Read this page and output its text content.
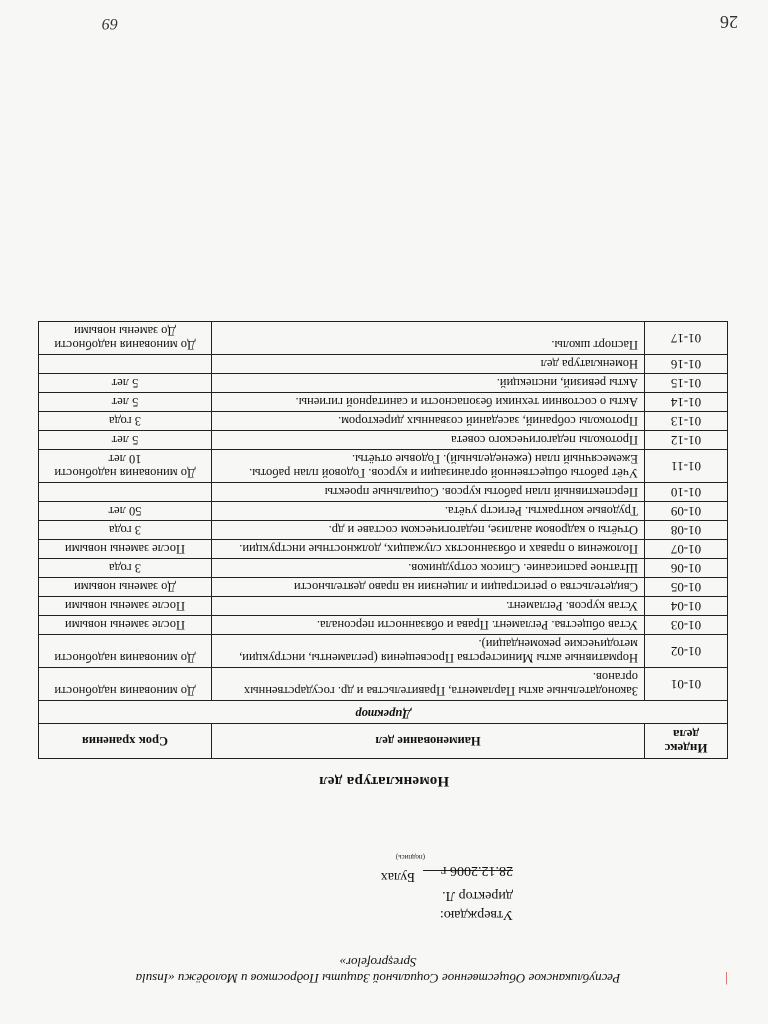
|
Республиканское Общественное Социальной Защиты Подростков и Молодёжи «Insula Spreșprofelor»
Утверждаю:
директор Л.
Булах
(подпись)
28.12.2006 г
Номенклатура дел
Индекс дела	Наименование дел	Срок хранения
Директор		
01-01	Законодательные акты Парламента, Правительства и др. государственных органов.	До минования надобности
01-02	Нормативные акты Министерства Просвещения (регламенты, инструкции, методические рекомендации).	До минования надобности
01-03	Устав общества. Регламент. Права и обязанности персонала.	После замены новыми
01-04	Устав курсов. Регламент.	После замены новыми
01-05	Свидетельства о регистрации и лицензии на право деятельности	До замены новыми
01-06	Штатное расписание. Список сотрудников.	3 года
01-07	Положения о правах и обязанностях служащих, должностные инструкции.	После замены новыми
01-08	Отчёты о кадровом анализе, педагогическом составе и др.	3 года
01-09	Трудовые контракты. Регистр учёта.	50 лет
01-10	Перспективный план работы курсов. Социальные проекты	
01-11	Учёт работы общественной организации и курсов. Годовой план работы. Ежемесячный план (еженедельный). Годовые отчёты.	До минования надобности
10 лет
01-12	Протоколы педагогического совета	5 лет
01-13	Протоколы собраний, заседаний созванных директором.	3 года
01-14	Акты о состоянии техники безопасности и санитарной гигиены.	5 лет
01-15	Акты ревизий, инспекций.	5 лет
01-16	Номенклатура дел	
01-17	Паспорт школы.	До минования надобности
До замены новыми
69	26
